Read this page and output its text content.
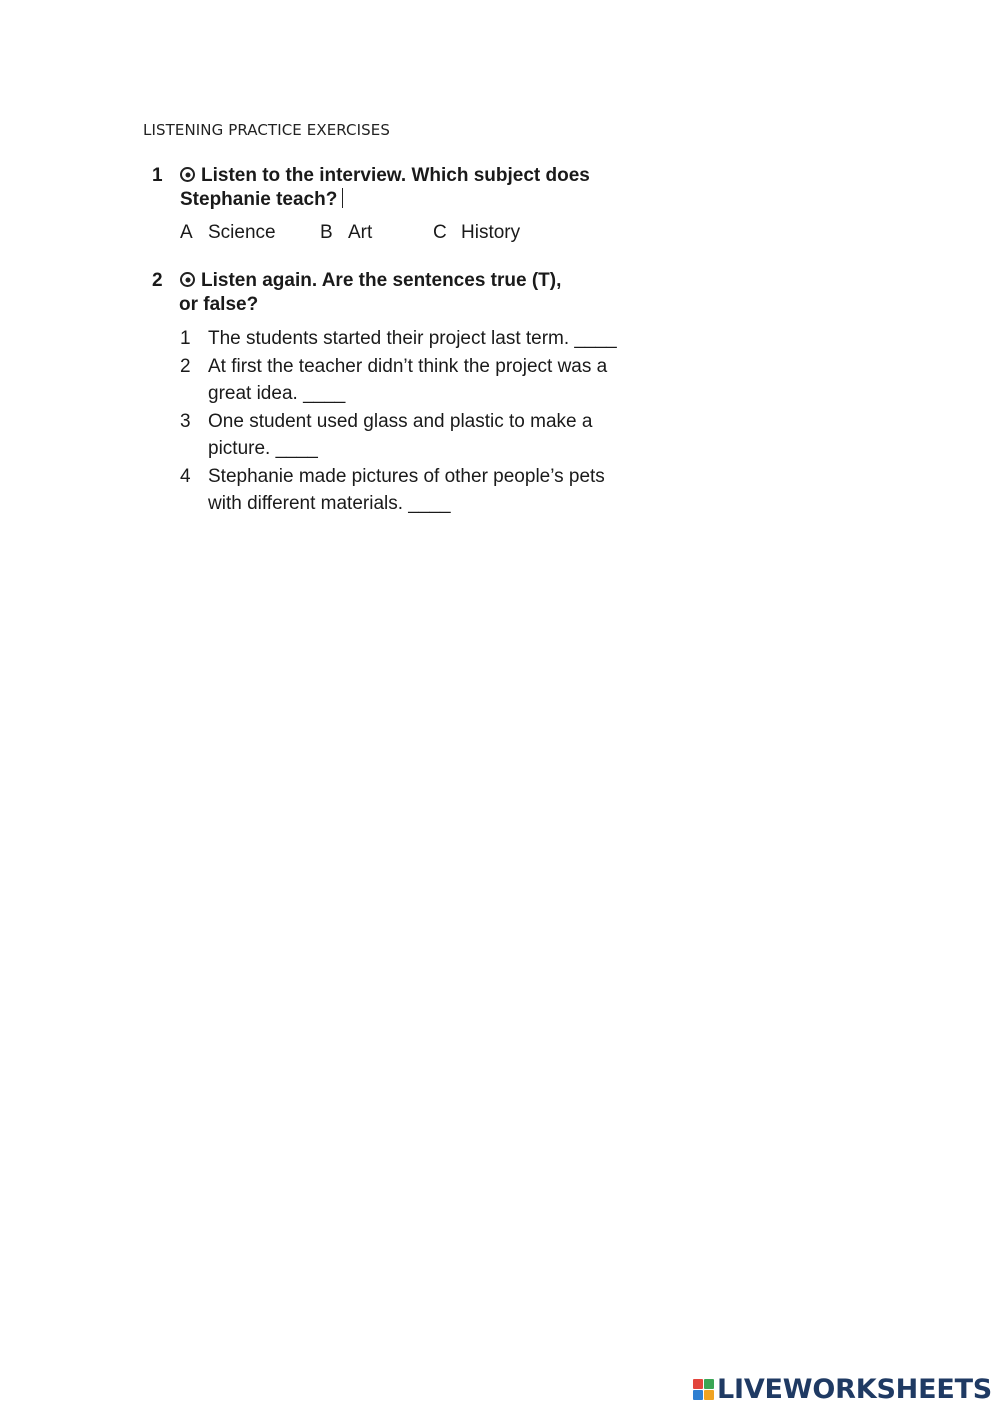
LISTENING PRACTICE EXERCISES
1	Listen to the interview. Which subject does
Stephanie teach?
A Science B Art	C History
2	Listen again. Are the sentences true (T),
or false?
1 The students started their project last term. ____
2 At first the teacher didn’t think the project was a great idea. ____
3 One student used glass and plastic to make a picture. ____
4 Stephanie made pictures of other people’s pets with different materials. ____
LIVEWORKSHEETS
